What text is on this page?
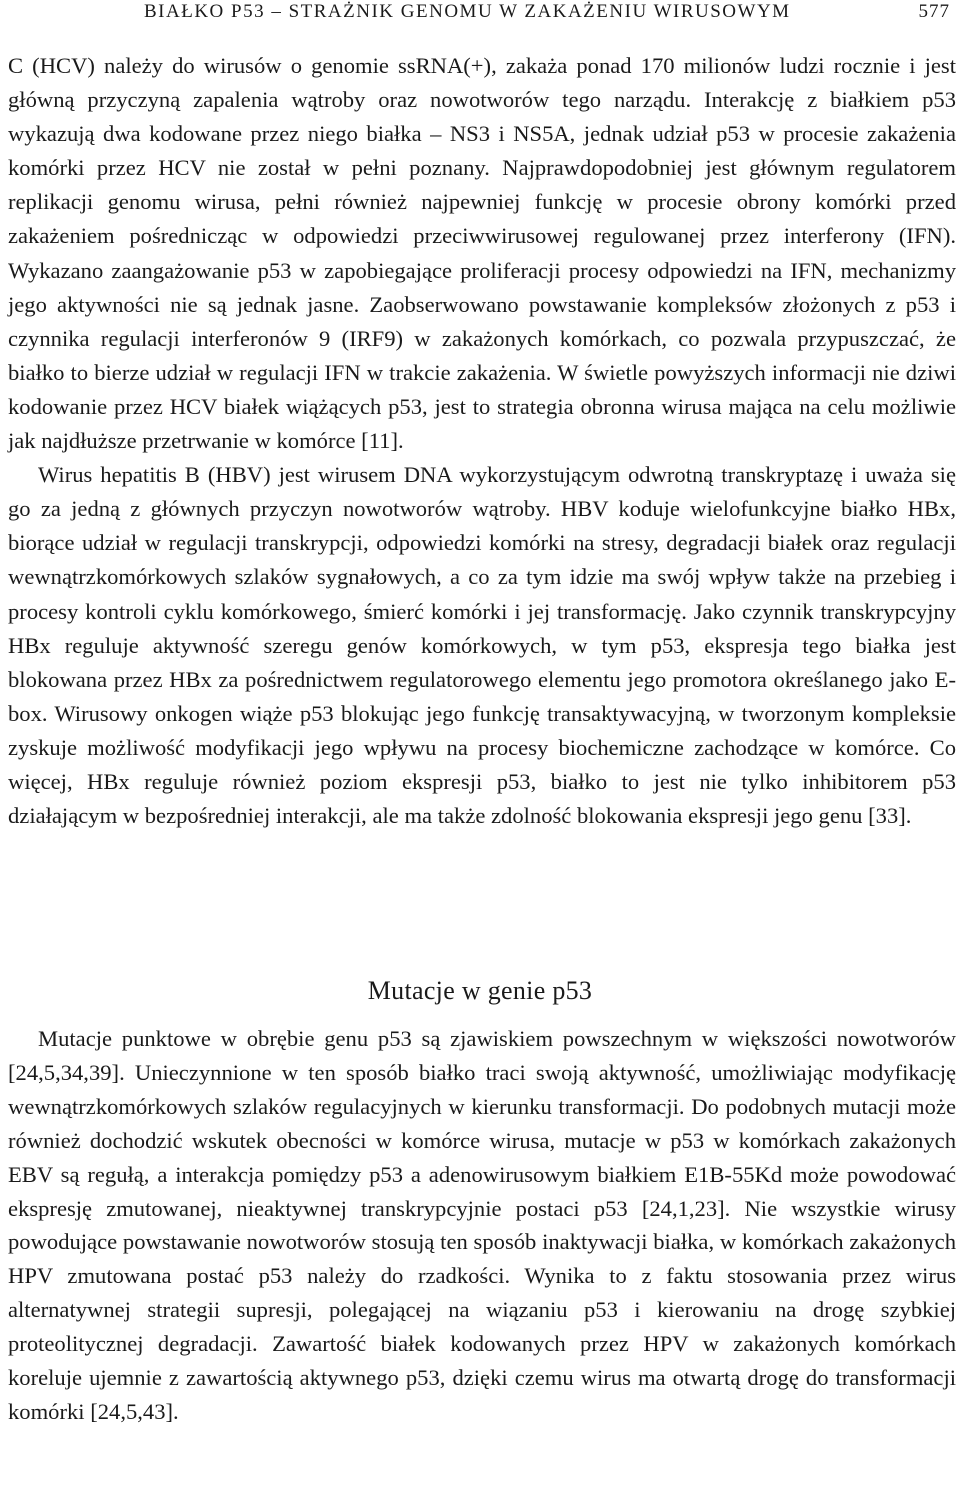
BIAŁKO P53 – STRAŻNIK GENOMU W ZAKAŻENIU WIRUSOWYM	577

C (HCV) należy do wirusów o genomie ssRNA(+), zakaża ponad 170 milionów ludzi rocznie i jest główną przyczyną zapalenia wątroby oraz nowotworów tego narządu. Interakcję z białkiem p53 wykazują dwa kodowane przez niego białka – NS3 i NS5A, jednak udział p53 w procesie zakażenia komórki przez HCV nie został w pełni poznany. Najprawdopodobniej jest głównym regulatorem replikacji genomu wirusa, pełni również najpewniej funkcję w procesie obrony komórki przed zakażeniem pośrednicząc w odpowiedzi przeciwwirusowej regulowanej przez interferony (IFN). Wykazano zaangażowanie p53 w zapobiegające proliferacji procesy odpowiedzi na IFN, mechanizmy jego aktywności nie są jednak jasne. Zaobserwowano powstawanie kompleksów złożonych z p53 i czynnika regulacji interferonów 9 (IRF9) w zakażonych komórkach, co pozwala przypuszczać, że białko to bierze udział w regulacji IFN w trakcie zakażenia. W świetle powyższych informacji nie dziwi kodowanie przez HCV białek wiążących p53, jest to strategia obronna wirusa mająca na celu możliwie jak najdłuższe przetrwanie w komórce [11].

Wirus hepatitis B (HBV) jest wirusem DNA wykorzystującym odwrotną transkryptazę i uważa się go za jedną z głównych przyczyn nowotworów wątroby. HBV koduje wielofunkcyjne białko HBx, biorące udział w regulacji transkrypcji, odpowiedzi komórki na stresy, degradacji białek oraz regulacji wewnątrzkomórkowych szlaków sygnałowych, a co za tym idzie ma swój wpływ także na przebieg i procesy kontroli cyklu komórkowego, śmierć komórki i jej transformację. Jako czynnik transkrypcyjny HBx reguluje aktywność szeregu genów komórkowych, w tym p53, ekspresja tego białka jest blokowana przez HBx za pośrednictwem regulatorowego elementu jego promotora określanego jako E-box. Wirusowy onkogen wiąże p53 blokując jego funkcję transaktywacyjną, w tworzonym kompleksie zyskuje możliwość modyfikacji jego wpływu na procesy biochemiczne zachodzące w komórce. Co więcej, HBx reguluje również poziom ekspresji p53, białko to jest nie tylko inhibitorem p53 działającym w bezpośredniej interakcji, ale ma także zdolność blokowania ekspresji jego genu [33].

Mutacje w genie p53

Mutacje punktowe w obrębie genu p53 są zjawiskiem powszechnym w większości nowotworów [24,5,34,39]. Unieczynnione w ten sposób białko traci swoją aktywność, umożliwiając modyfikację wewnątrzkomórkowych szlaków regulacyjnych w kierunku transformacji. Do podobnych mutacji może również dochodzić wskutek obecności w komórce wirusa, mutacje w p53 w komórkach zakażonych EBV są regułą, a interakcja pomiędzy p53 a adenowirusowym białkiem E1B-55Kd może powodować ekspresję zmutowanej, nieaktywnej transkrypcyjnie postaci p53 [24,1,23]. Nie wszystkie wirusy powodujące powstawanie nowotworów stosują ten sposób inaktywacji białka, w komórkach zakażonych HPV zmutowana postać p53 należy do rzadkości. Wynika to z faktu stosowania przez wirus alternatywnej strategii supresji, polegającej na wiązaniu p53 i kierowaniu na drogę szybkiej proteolitycznej degradacji. Zawartość białek kodowanych przez HPV w zakażonych komórkach koreluje ujemnie z zawartością aktywnego p53, dzięki czemu wirus ma otwartą drogę do transformacji komórki [24,5,43].
